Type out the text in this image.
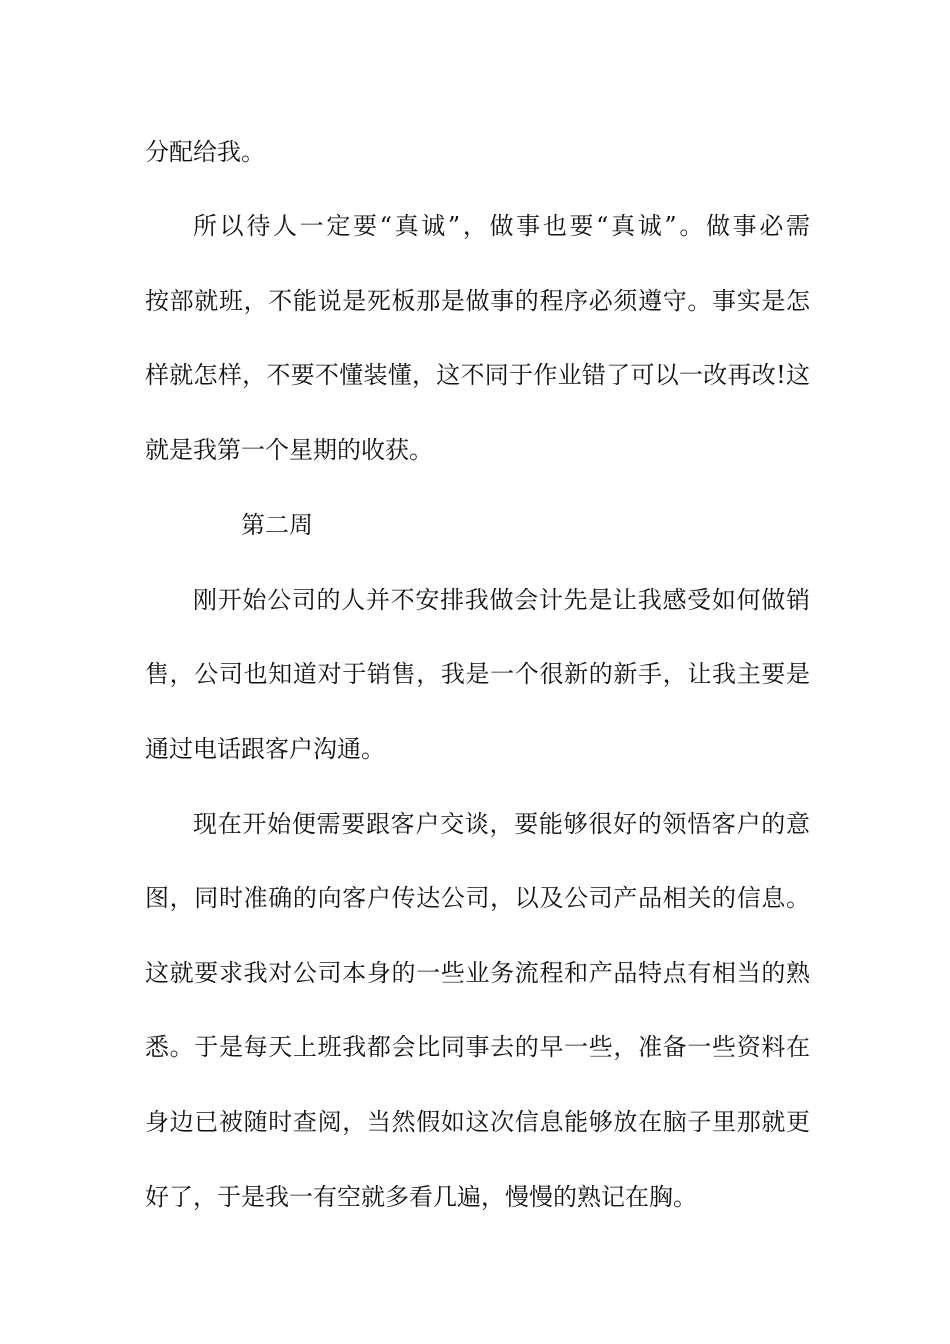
分配给我。

所以待人一定要“真诚”，做事也要“真诚”。做事必需

按部就班，不能说是死板那是做事的程序必须遵守。事实是怎

样就怎样，不要不懂装懂，这不同于作业错了可以一改再改!这

就是我第一个星期的收获。

第二周

刚开始公司的人并不安排我做会计先是让我感受如何做销

售，公司也知道对于销售，我是一个很新的新手，让我主要是

通过电话跟客户沟通。

现在开始便需要跟客户交谈，要能够很好的领悟客户的意

图，同时准确的向客户传达公司，以及公司产品相关的信息。

这就要求我对公司本身的一些业务流程和产品特点有相当的熟

悉。于是每天上班我都会比同事去的早一些，准备一些资料在

身边已被随时查阅，当然假如这次信息能够放在脑子里那就更

好了，于是我一有空就多看几遍，慢慢的熟记在胸。
